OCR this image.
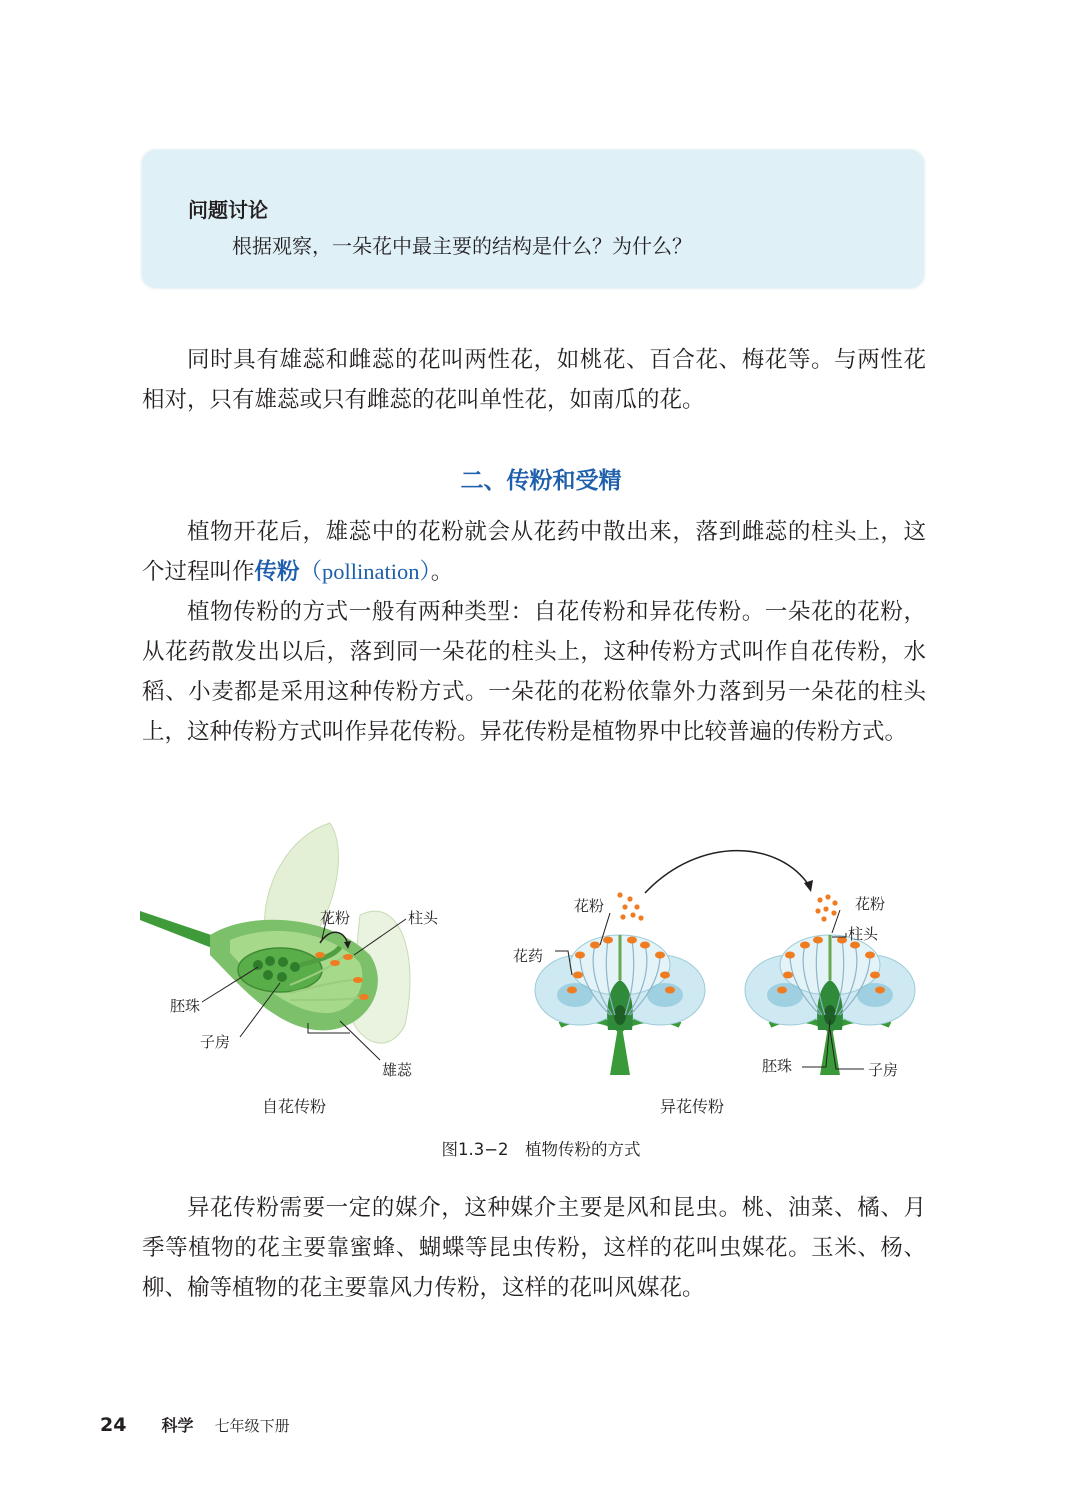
问题讨论
根据观察，一朵花中最主要的结构是什么？为什么？

同时具有雄蕊和雌蕊的花叫两性花，如桃花、百合花、梅花等。与两性花相对，只有雄蕊或只有雌蕊的花叫单性花，如南瓜的花。

二、传粉和受精

植物开花后，雄蕊中的花粉就会从花药中散出来，落到雌蕊的柱头上，这个过程叫作传粉（pollination）。

植物传粉的方式一般有两种类型：自花传粉和异花传粉。一朵花的花粉，从花药散发出以后，落到同一朵花的柱头上，这种传粉方式叫作自花传粉，水稻、小麦都是采用这种传粉方式。一朵花的花粉依靠外力落到另一朵花的柱头上，这种传粉方式叫作异花传粉。异花传粉是植物界中比较普遍的传粉方式。

花粉	柱头
胚珠
子房
雄蕊
花粉
花药
花粉
柱头
胚珠	子房
自花传粉	异花传粉
图1.3−2　植物传粉的方式

异花传粉需要一定的媒介，这种媒介主要是风和昆虫。桃、油菜、橘、月季等植物的花主要靠蜜蜂、蝴蝶等昆虫传粉，这样的花叫虫媒花。玉米、杨、柳、榆等植物的花主要靠风力传粉，这样的花叫风媒花。

24 科学 七年级下册
